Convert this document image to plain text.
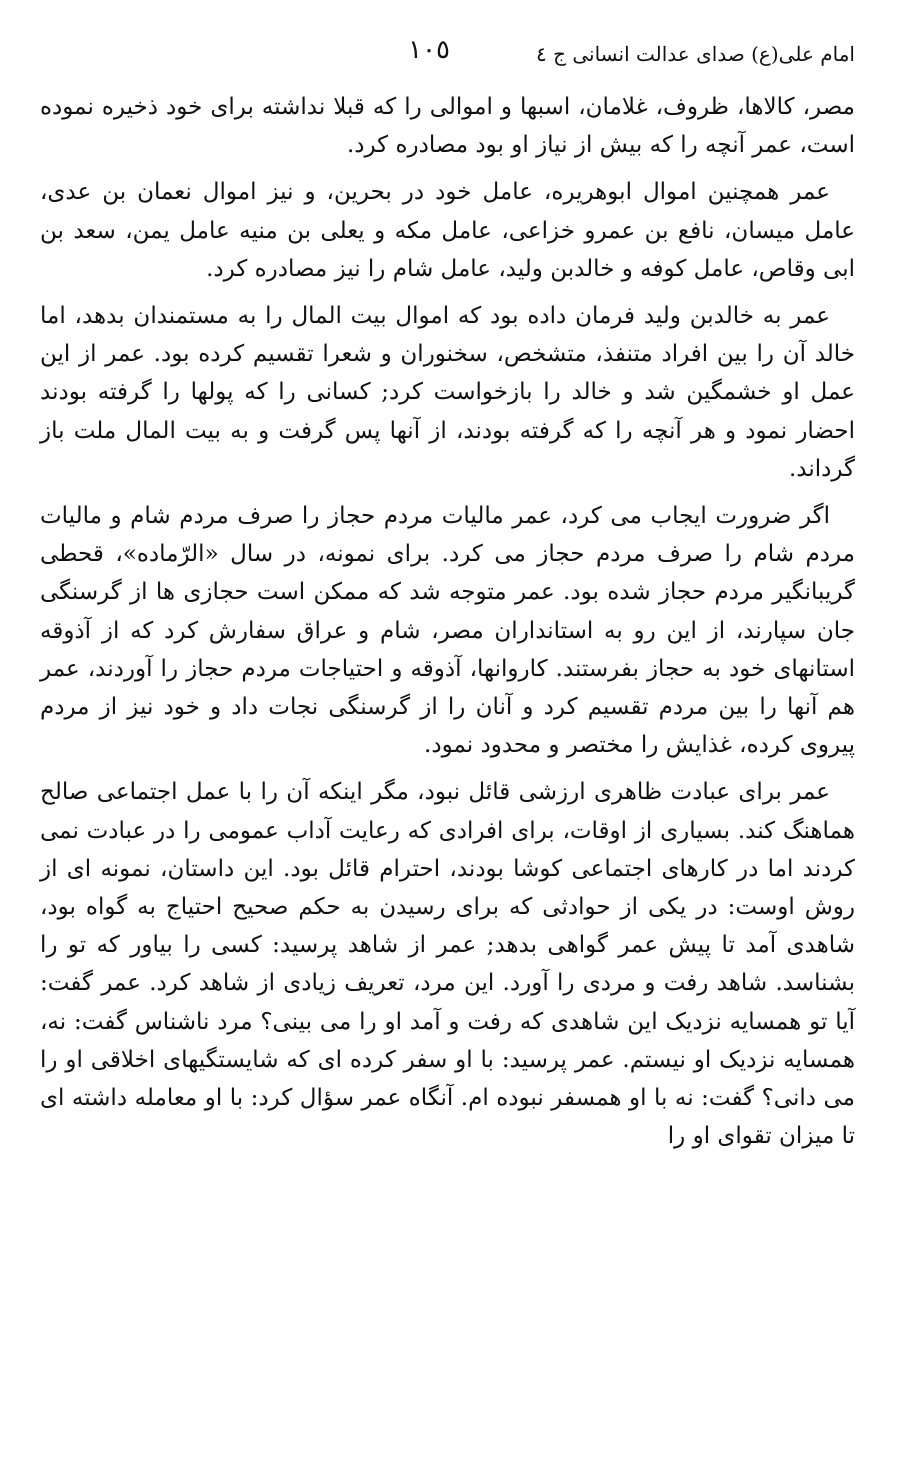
امام علی(ع) صدای عدالت انسانی ج ٤
١٠٥

مصر، کالاها، ظروف، غلامان، اسبها و اموالی را که قبلا نداشته برای خود ذخیره نموده است، عمر آنچه را که بیش از نیاز او بود مصادره کرد.

عمر همچنین اموال ابوهریره، عامل خود در بحرین، و نیز اموال نعمان بن عدی، عامل میسان، نافع بن عمرو خزاعی، عامل مکه و یعلی بن منیه عامل یمن، سعد بن ابی وقاص، عامل کوفه و خالدبن ولید، عامل شام را نیز مصادره کرد.

عمر به خالدبن ولید فرمان داده بود که اموال بیت المال را به مستمندان بدهد، اما خالد آن را بین افراد متنفذ، متشخص، سخنوران و شعرا تقسیم کرده بود. عمر از این عمل او خشمگین شد و خالد را بازخواست کرد; کسانی را که پولها را گرفته بودند احضار نمود و هر آنچه را که گرفته بودند، از آنها پس گرفت و به بیت المال ملت باز گرداند.

اگر ضرورت ایجاب می کرد، عمر مالیات مردم حجاز را صرف مردم شام و مالیات مردم شام را صرف مردم حجاز می کرد. برای نمونه، در سال «الرّماده»، قحطی گریبانگیر مردم حجاز شده بود. عمر متوجه شد که ممکن است حجازی ها از گرسنگی جان سپارند، از این رو به استانداران مصر، شام و عراق سفارش کرد که از آذوقه استانهای خود به حجاز بفرستند. کاروانها، آذوقه و احتیاجات مردم حجاز را آوردند، عمر هم آنها را بین مردم تقسیم کرد و آنان را از گرسنگی نجات داد و خود نیز از مردم پیروی کرده، غذایش را مختصر و محدود نمود.

عمر برای عبادت ظاهری ارزشی قائل نبود، مگر اینکه آن را با عمل اجتماعی صالح هماهنگ کند. بسیاری از اوقات، برای افرادی که رعایت آداب عمومی را در عبادت نمی کردند اما در کارهای اجتماعی کوشا بودند، احترام قائل بود. این داستان، نمونه ای از روش اوست: در یکی از حوادثی که برای رسیدن به حکم صحیح احتیاج به گواه بود، شاهدی آمد تا پیش عمر گواهی بدهد; عمر از شاهد پرسید: کسی را بیاور که تو را بشناسد. شاهد رفت و مردی را آورد. این مرد، تعریف زیادی از شاهد کرد. عمر گفت: آیا تو همسایه نزدیک این شاهدی که رفت و آمد او را می بینی؟ مرد ناشناس گفت: نه، همسایه نزدیک او نیستم. عمر پرسید: با او سفر کرده ای که شایستگیهای اخلاقی او را می دانی؟ گفت: نه با او همسفر نبوده ام. آنگاه عمر سؤال کرد: با او معامله داشته ای تا میزان تقوای او را
